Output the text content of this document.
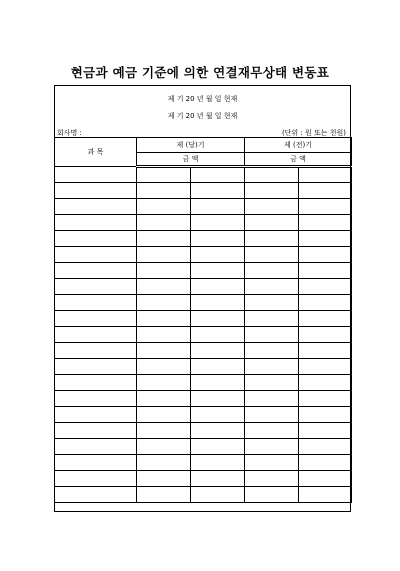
현금과 예금 기준에 의한 연결재무상태 변동표
제 기 20 년 월 일 현재
제 기 20 년 월 일 현재
회사명 :	(단위 : 원 또는 천원)
과 목	제 (당)기		제 (전)기	
	금 액		금 액	
